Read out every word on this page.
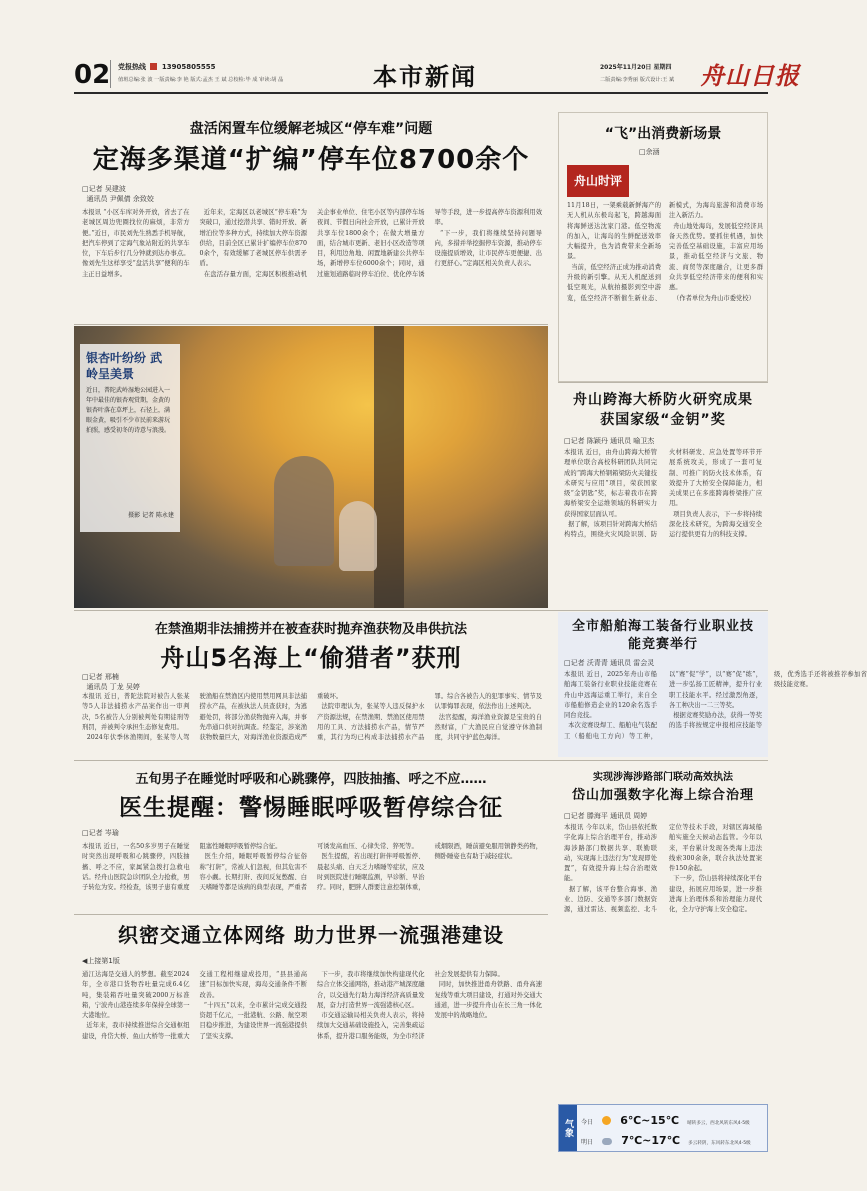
02 党报热线 13905805555
值班总编:张 波 一版责编:李 艳 版式:孟杰 王 斌 总校检:毕 成 审读:胡 晶	本市新闻	2025年11月20日 星期四
二版责编:李秀丽 版式设计:王 斌 舟山日报
盘活闲置车位缓解老城区“停车难”问题
定海多渠道“扩编”停车位8700余个
□记者 吴建波
通讯员 尹佩倩 余致姣
本报讯 “小区车库对外开放，省去了在老城区周边兜圈找位的麻烦，非常方便。”近日，市民刘先生熟悉手机导航，把汽车停到了定海气象站附近的共享车位，下车后步行几分钟就到达办事点。像刘先生这样享受“盘活共享”便利的车主正日益增多。
近年来，定海区以老城区“停车难”为突破口，通过挖潜共享、错时开放、新增泊位等多种方式，持续加大停车资源供给，目前全区已累计扩编停车位8700余个，有效缓解了老城区停车供需矛盾。
在盘活存量方面，定海区积极推动机关企事业单位、住宅小区等内部停车场夜间、节假日向社会开放，已累计开放共享车位1800余个；在做大增量方面，结合城市更新、老旧小区改造等项目，利用边角地、闲置地新建公共停车场，新增停车位6000余个；同时，通过施划道路临时停车泊位、优化停车诱导等手段，进一步提高停车资源利用效率。
“下一步，我们将继续坚持问题导向，多措并举挖掘停车资源，推动停车设施提质增效，让市民停车更便捷、出行更舒心。”定海区相关负责人表示。
银杏叶纷纷 武岭呈美景
近日，普陀武岭湿地公园进入一年中最佳的银杏观赏期，金黄的银杏叶落在草坪上，石径上，满眼金黄，吸引不少市民前来游玩拍照，感受初冬的诗意与浪漫。
摄影 记者 陈永建
“飞”出消费新场景
□余涵
舟山时评
11月18日，一架乘载新鲜海产的无人机从东极岛起飞，跨越海面将海鲜送达沈家门港。低空物流的加入，让海岛的生鲜配送效率大幅提升，也为消费带来全新场景。
当前，低空经济正成为推动消费升级的新引擎。从无人机配送到低空观光，从航拍摄影到空中游览，低空经济不断催生新业态、新模式，为海岛旅游和消费市场注入新活力。
舟山地处海岛，发展低空经济具备天然优势。要抓住机遇，加快完善低空基础设施，丰富应用场景，推动低空经济与文旅、物流、商贸等深度融合，让更多群众共享低空经济带来的便利和实惠。
（作者单位为舟山市委党校）
舟山跨海大桥防火研究成果获国家级“金钥”奖
□记者 陈颖丹 通讯员 喻卫杰
本报讯 近日，由舟山跨海大桥管理单位联合高校科研团队共同完成的“跨海大桥钢箱梁防火关键技术研究与应用”项目，荣获国家级“金钥匙”奖，标志着我市在跨海桥梁安全运维领域的科研实力获得国家层面认可。
据了解，该项目针对跨海大桥结构特点，围绕火灾风险识别、防火材料研发、应急处置等环节开展系统攻关，形成了一套可复制、可推广的防火技术体系，有效提升了大桥安全保障能力，相关成果已在多座跨海桥梁推广应用。
项目负责人表示，下一步将持续深化技术研究，为跨海交通安全运行提供更有力的科技支撑。
在禁渔期非法捕捞并在被查获时抛弃渔获物及串供抗法
舟山5名海上“偷猎者”获刑
□记者 邢楠
通讯员 丁龙 吴婷
本报讯 近日，普陀法院对被告人张某等5人非法捕捞水产品案作出一审判决，5名被告人分别被判处有期徒刑等刑罚，并被判令承担生态修复费用。
2024年伏季休渔期间，张某等人驾驶渔船在禁渔区内使用禁用网具非法捕捞水产品，在被执法人员查获时，为逃避处罚，将部分渔获物抛弃入海，并事先串通口供对抗调查。经鉴定，涉案渔获物数量巨大，对海洋渔业资源造成严重破坏。
法院审理认为，张某等人违反保护水产资源法规，在禁渔期、禁渔区使用禁用的工具、方法捕捞水产品，情节严重，其行为均已构成非法捕捞水产品罪。综合各被告人的犯罪事实、情节及认罪悔罪表现，依法作出上述判决。
法官提醒，海洋渔业资源是宝贵的自然财富，广大渔民应自觉遵守休渔制度，共同守护蓝色海洋。
全市船舶海工装备行业职业技能竞赛举行
□记者 沃青青 通讯员 雷会灵
本报讯 近日，2025年舟山市船舶海工装备行业职业技能竞赛在舟山中远海运重工举行，来自全市船舶修造企业的120余名选手同台竞技。
本次竞赛设焊工、船舶电气装配工（船舶电工方向）等工种，以“赛”促“学”，以“赛”促“练”，进一步弘扬工匠精神，提升行业职工技能水平。经过激烈角逐，各工种决出一二三等奖。
根据竞赛奖励办法，获得一等奖的选手将按规定申报相应技能等级，优秀选手还将被推荐参加省级技能竞赛。
五旬男子在睡觉时呼吸和心跳骤停，四肢抽搐、呼之不应……
医生提醒：警惕睡眠呼吸暂停综合征
□记者 岑瑜
本报讯 近日，一名50多岁男子在睡觉时突然出现呼吸和心跳骤停，四肢抽搐、呼之不应，家属紧急拨打急救电话。经舟山医院急诊团队全力抢救，男子转危为安。经检查，该男子患有重度阻塞性睡眠呼吸暂停综合征。
医生介绍，睡眠呼吸暂停综合征俗称“打鼾”，常被人们忽视，但其危害不容小觑。长期打鼾、夜间反复憋醒、白天嗜睡等都是该病的典型表现，严重者可诱发高血压、心律失常、猝死等。
医生提醒，若出现打鼾伴呼吸暂停、晨起头痛、白天乏力嗜睡等症状，应及时到医院进行睡眠监测，早诊断、早治疗。同时，肥胖人群要注意控制体重，戒烟限酒，睡前避免服用镇静类药物，侧卧睡姿也有助于减轻症状。
实现涉海涉路部门联动高效执法
岱山加强数字化海上综合治理
□记者 滕海平 通讯员 周婷
本报讯 今年以来，岱山县依托数字化海上综合治理平台，推动涉海涉路部门数据共享、联勤联动，实现海上违法行为“发现即处置”，有效提升海上综合治理效能。
据了解，该平台整合海事、渔业、边防、交通等多部门数据资源，通过雷达、视频监控、北斗定位等技术手段，对辖区海域船舶实施全天候动态监管。今年以来，平台累计发现各类海上违法线索300余条，联合执法处置案件150余起。
下一步，岱山县将持续深化平台建设，拓展应用场景，进一步推进海上治理体系和治理能力现代化，全力守护海上安全稳定。
织密交通立体网络 助力世界一流强港建设
◀上接第1版
通江达海是交通人的梦想。截至2024年，全市港口货物吞吐量完成6.4亿吨，集装箱吞吐量突破2000万标准箱，宁波舟山港连续多年保持全球第一大港地位。
近年来，我市持续推进综合交通枢纽建设，舟岱大桥、鱼山大桥等一批重大交通工程相继建成投用，“县县通高速”目标加快实现，海岛交通条件不断改善。
“十四五”以来，全市累计完成交通投资超千亿元，一批港航、公路、航空项目稳步推进，为建设世界一流强港提供了坚实支撑。
下一步，我市将继续加快构建现代化综合立体交通网络，推动港产城深度融合，以交通先行助力海洋经济高质量发展，奋力打造世界一流强港核心区。
市交通运输局相关负责人表示，将持续加大交通基础设施投入，完善集疏运体系，提升港口服务能级，为全市经济社会发展提供有力保障。
同时，加快推进甬舟铁路、甬舟高速复线等重大项目建设，打通对外交通大通道，进一步提升舟山在长三角一体化发展中的战略地位。
气象	今日 6℃~15℃ 晴转多云，西北风转东风4-5级
明日	7℃~17℃ 多云转阴，东风转东北风4-5级
